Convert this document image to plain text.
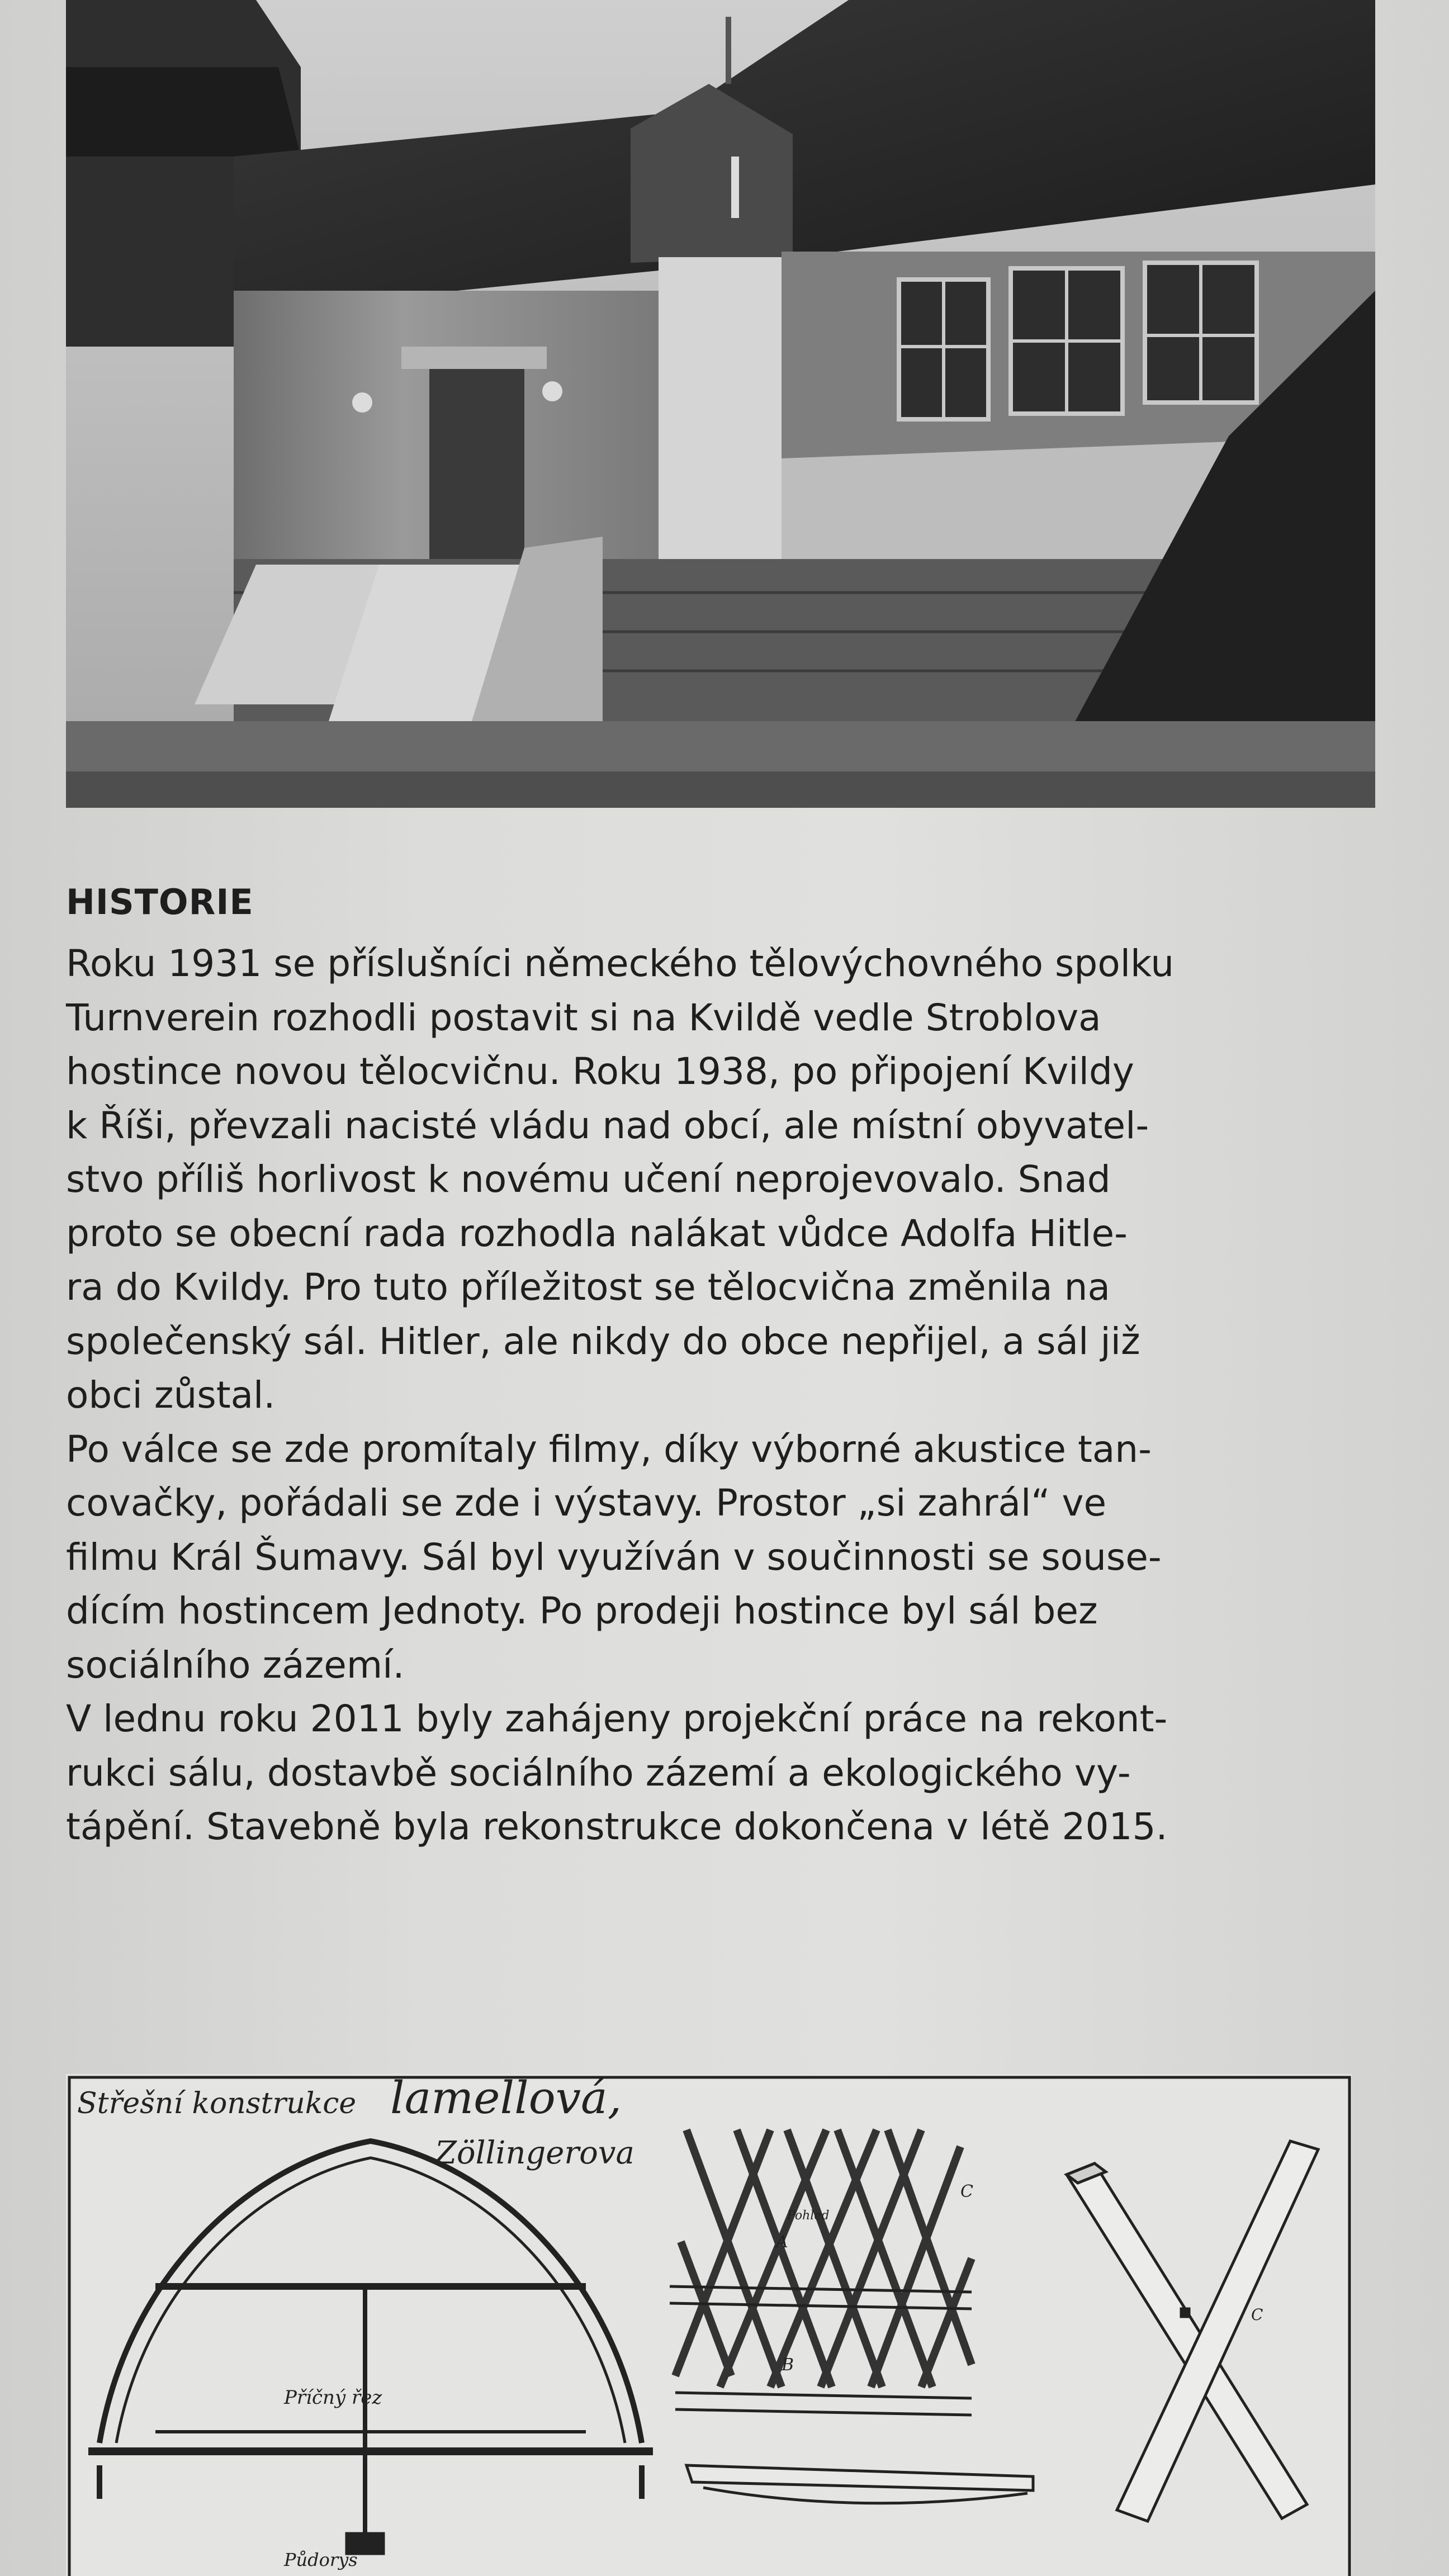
HISTORIE

Roku 1931 se příslušníci německého tělovýchovného spolku
Turnverein rozhodli postavit si na Kvildě vedle Stroblova
hostince novou tělocvičnu. Roku 1938, po připojení Kvildy
k Říši, převzali nacisté vládu nad obcí, ale místní obyvatel-
stvo příliš horlivost k novému učení neprojevovalo. Snad
proto se obecní rada rozhodla nalákat vůdce Adolfa Hitle-
ra do Kvildy. Pro tuto příležitost se tělocvična změnila na
společenský sál. Hitler, ale nikdy do obce nepřijel, a sál již
obci zůstal.

Po válce se zde promítaly filmy, díky výborné akustice tan-
covačky, pořádali se zde i výstavy. Prostor „si zahrál“ ve
filmu Král Šumavy. Sál byl využíván v součinnosti se souse-
dícím hostincem Jednoty. Po prodeji hostince byl sál bez
sociálního zázemí.

V lednu roku 2011 byly zahájeny projekční práce na rekont-
rukci sálu, dostavbě sociálního zázemí a ekologického vy-
tápění. Stavebně byla rekonstrukce dokončena v létě 2015.

Střešní konstrukce lamellová,
Zöllingerova
Příčný řez
Půdorys
A
B
C
Pohled
C
